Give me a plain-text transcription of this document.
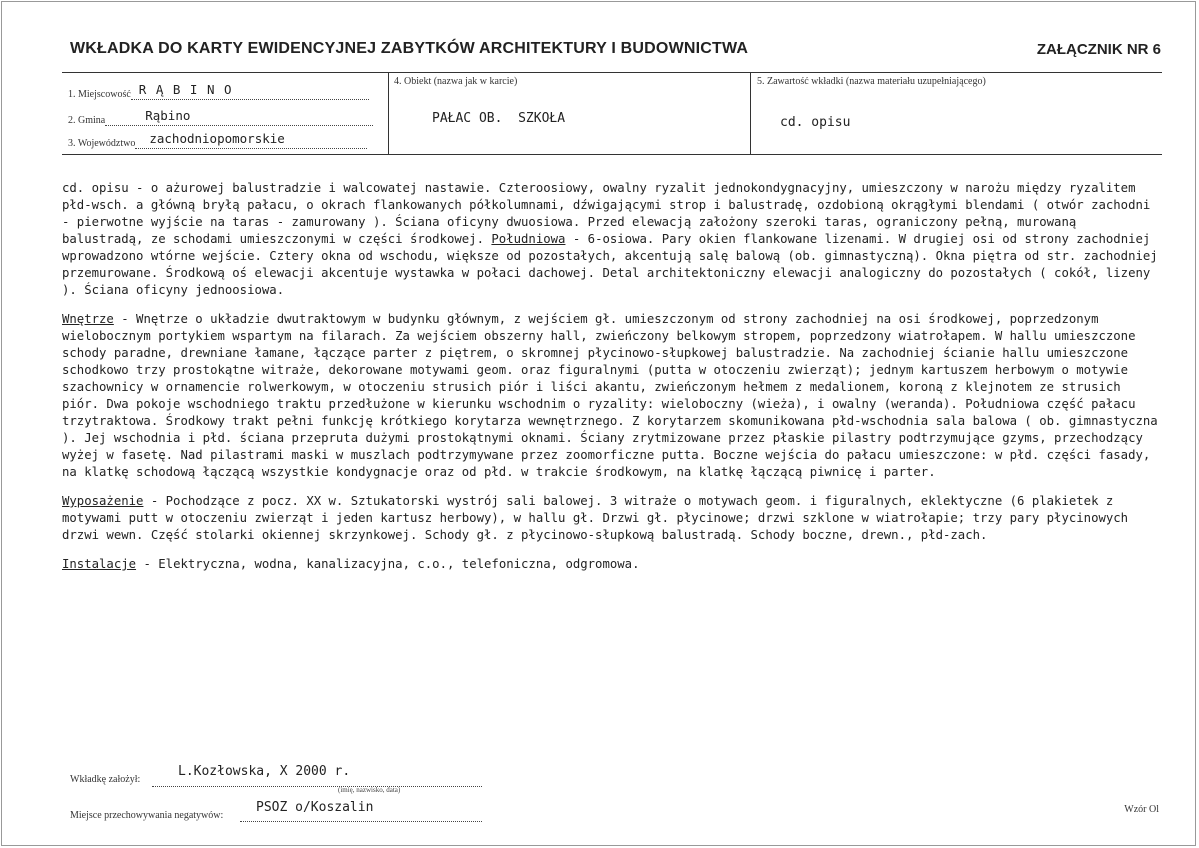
WKŁADKA DO KARTY EWIDENCYJNEJ ZABYTKÓW ARCHITEKTURY I BUDOWNICTWA	ZAŁĄCZNIK NR 6
1. Miejscowość R Ą B I N O
2. Gmina	Rąbino
3. Województwo zachodniopomorskie
4. Obiekt (nazwa jak w karcie)
PAŁAC OB.  SZKOŁA
5. Zawartość wkładki (nazwa materiału uzupełniającego)
cd. opisu

cd. opisu - o ażurowej balustradzie i walcowatej nastawie. Czteroosiowy, owalny ryzalit jednokondygnacyjny, umieszczony w narożu między ryzalitem płd-wsch. a główną bryłą pałacu, o okrach flankowanych półkolumnami, dźwigającymi strop i balustradę, ozdobioną okrągłymi blendami ( otwór zachodni - pierwotne wyjście na taras - zamurowany ). Ściana oficyny dwuosiowa. Przed elewacją założony szeroki taras, ograniczony pełną, murowaną balustradą, ze schodami umieszczonymi w części środkowej. Południowa - 6-osiowa. Pary okien flankowane lizenami. W drugiej osi od strony zachodniej wprowadzono wtórne wejście. Cztery okna od wschodu, większe od pozostałych, akcentują salę balową (ob. gimnastyczną). Okna piętra od str. zachodniej przemurowane. Środkową oś elewacji akcentuje wystawka w połaci dachowej. Detal architektoniczny elewacji analogiczny do pozostałych ( cokół, lizeny ). Ściana oficyny jednoosiowa.

Wnętrze - Wnętrze o układzie dwutraktowym w budynku głównym, z wejściem gł. umieszczonym od strony zachodniej na osi środkowej, poprzedzonym wielobocznym portykiem wspartym na filarach. Za wejściem obszerny hall, zwieńczony belkowym stropem, poprzedzony wiatrołapem. W hallu umieszczone schody paradne, drewniane łamane, łączące parter z piętrem, o skromnej płycinowo-słupkowej balustradzie. Na zachodniej ścianie hallu umieszczone schodkowo trzy prostokątne witraże, dekorowane motywami geom. oraz figuralnymi (putta w otoczeniu zwierząt); jednym kartuszem herbowym o motywie szachownicy w ornamencie rolwerkowym, w otoczeniu strusich piór i liści akantu, zwieńczonym hełmem z medalionem, koroną z klejnotem ze strusich piór. Dwa pokoje wschodniego traktu przedłużone w kierunku wschodnim o ryzality: wieloboczny (wieża), i owalny (weranda). Południowa część pałacu trzytraktowa. Środkowy trakt pełni funkcję krótkiego korytarza wewnętrznego. Z korytarzem skomunikowana płd-wschodnia sala balowa ( ob. gimnastyczna ). Jej wschodnia i płd. ściana przepruta dużymi prostokątnymi oknami. Ściany zrytmizowane przez płaskie pilastry podtrzymujące gzyms, przechodzący wyżej w fasetę. Nad pilastrami maski w muszlach podtrzymywane przez zoomorficzne putta. Boczne wejścia do pałacu umieszczone: w płd. części fasady, na klatkę schodową łączącą wszystkie kondygnacje oraz od płd. w trakcie środkowym, na klatkę łączącą piwnicę i parter.

Wyposażenie - Pochodzące z pocz. XX w. Sztukatorski wystrój sali balowej. 3 witraże o motywach geom. i figuralnych, eklektyczne (6 plakietek z motywami putt w otoczeniu zwierząt i jeden kartusz herbowy), w hallu gł. Drzwi gł. płycinowe; drzwi szklone w wiatrołapie; trzy pary płycinowych drzwi wewn. Część stolarki okiennej skrzynkowej. Schody gł. z płycinowo-słupkową balustradą. Schody boczne, drewn., płd-zach.

Instalacje - Elektryczna, wodna, kanalizacyjna, c.o., telefoniczna, odgromowa.

Wkładkę założył:
L.Kozłowska, X 2000 r.
(imię, nazwisko, data)
Miejsce przechowywania negatywów:
PSOZ o/Koszalin	Wzór Ol
